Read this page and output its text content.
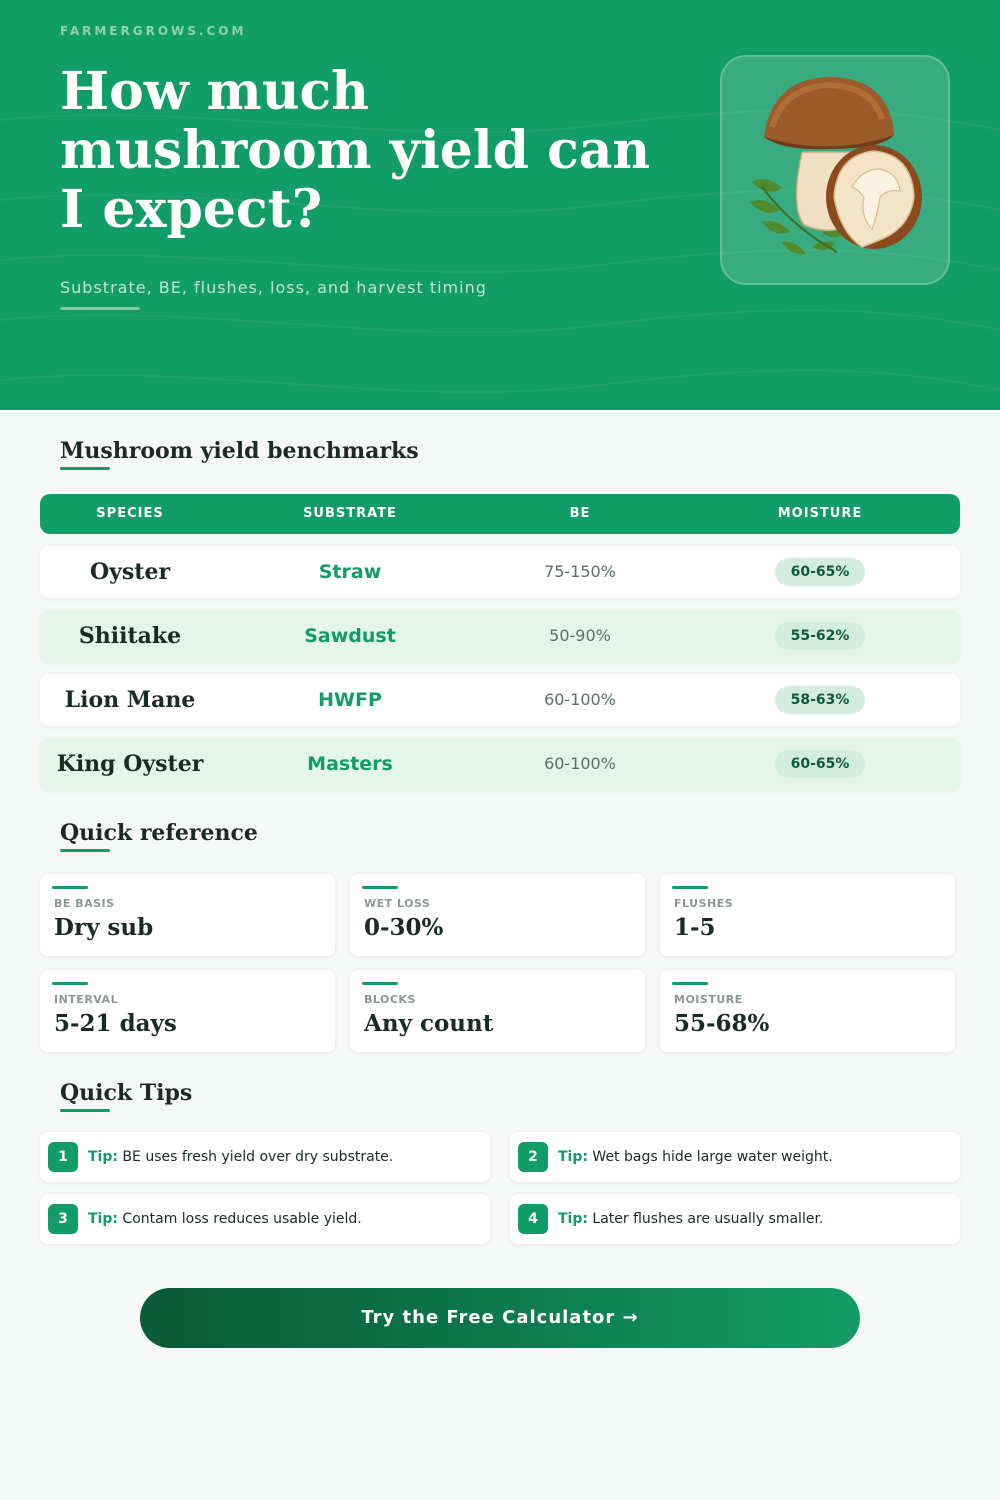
FARMERGROWS.COM
How much mushroom yield can I expect?
Substrate, BE, flushes, loss, and harvest timing
Mushroom yield benchmarks
SPECIES	SUBSTRATE	BE	MOISTURE
Oyster	Straw	75-150%	60-65%
Shiitake	Sawdust	50-90%	55-62%
Lion Mane	HWFP	60-100%	58-63%
King Oyster	Masters	60-100%	60-65%
Quick reference
BE BASIS
Dry sub
WET LOSS
0-30%
FLUSHES
1-5
INTERVAL
5-21 days
BLOCKS
Any count
MOISTURE
55-68%
Quick Tips
1	Tip: BE uses fresh yield over dry substrate.	2	Tip: Wet bags hide large water weight.
3	Tip: Contam loss reduces usable yield.	4	Tip: Later flushes are usually smaller.
Try the Free Calculator →
